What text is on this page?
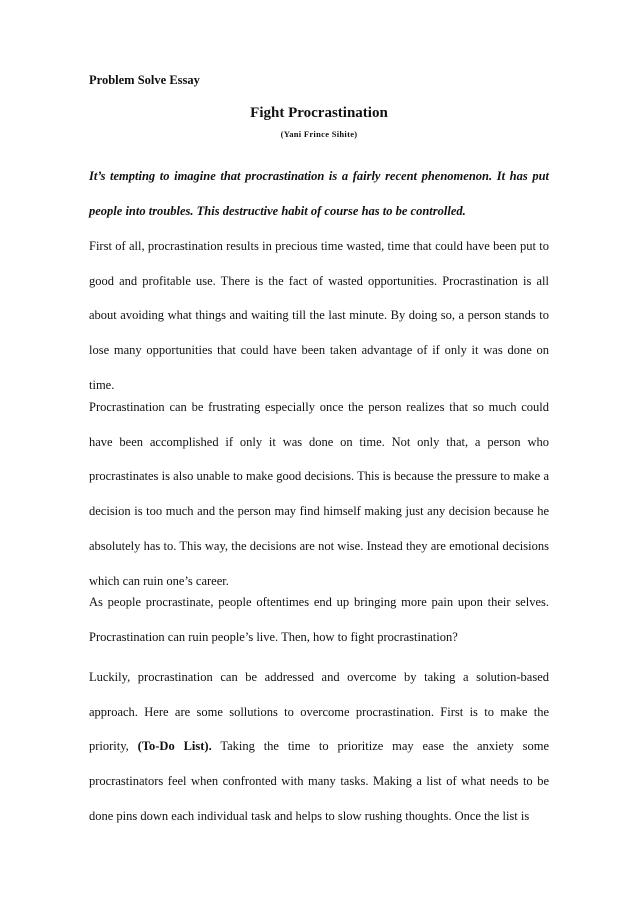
Problem Solve Essay
Fight Procrastination
(Yani Frince Sihite)

It’s tempting to imagine that procrastination is a fairly recent phenomenon. It has put people into troubles. This destructive habit of course has to be controlled.

First of all, procrastination results in precious time wasted, time that could have been put to good and profitable use. There is the fact of wasted opportunities. Procrastination is all about avoiding what things and waiting till the last minute. By doing so, a person stands to lose many opportunities that could have been taken advantage of if only it was done on time.

Procrastination can be frustrating especially once the person realizes that so much could have been accomplished if only it was done on time. Not only that, a person who procrastinates is also unable to make good decisions. This is because the pressure to make a decision is too much and the person may find himself making just any decision because he absolutely has to. This way, the decisions are not wise. Instead they are emotional decisions which can ruin one’s career.

As people procrastinate, people oftentimes end up bringing more pain upon their selves. Procrastination can ruin people’s live. Then, how to fight procrastination?

Luckily, procrastination can be addressed and overcome by taking a solution-based approach. Here are some sollutions to overcome procrastination. First is to make the priority, (To-Do List). Taking the time to prioritize may ease the anxiety some procrastinators feel when confronted with many tasks. Making a list of what needs to be done pins down each individual task and helps to slow rushing thoughts. Once the list is
